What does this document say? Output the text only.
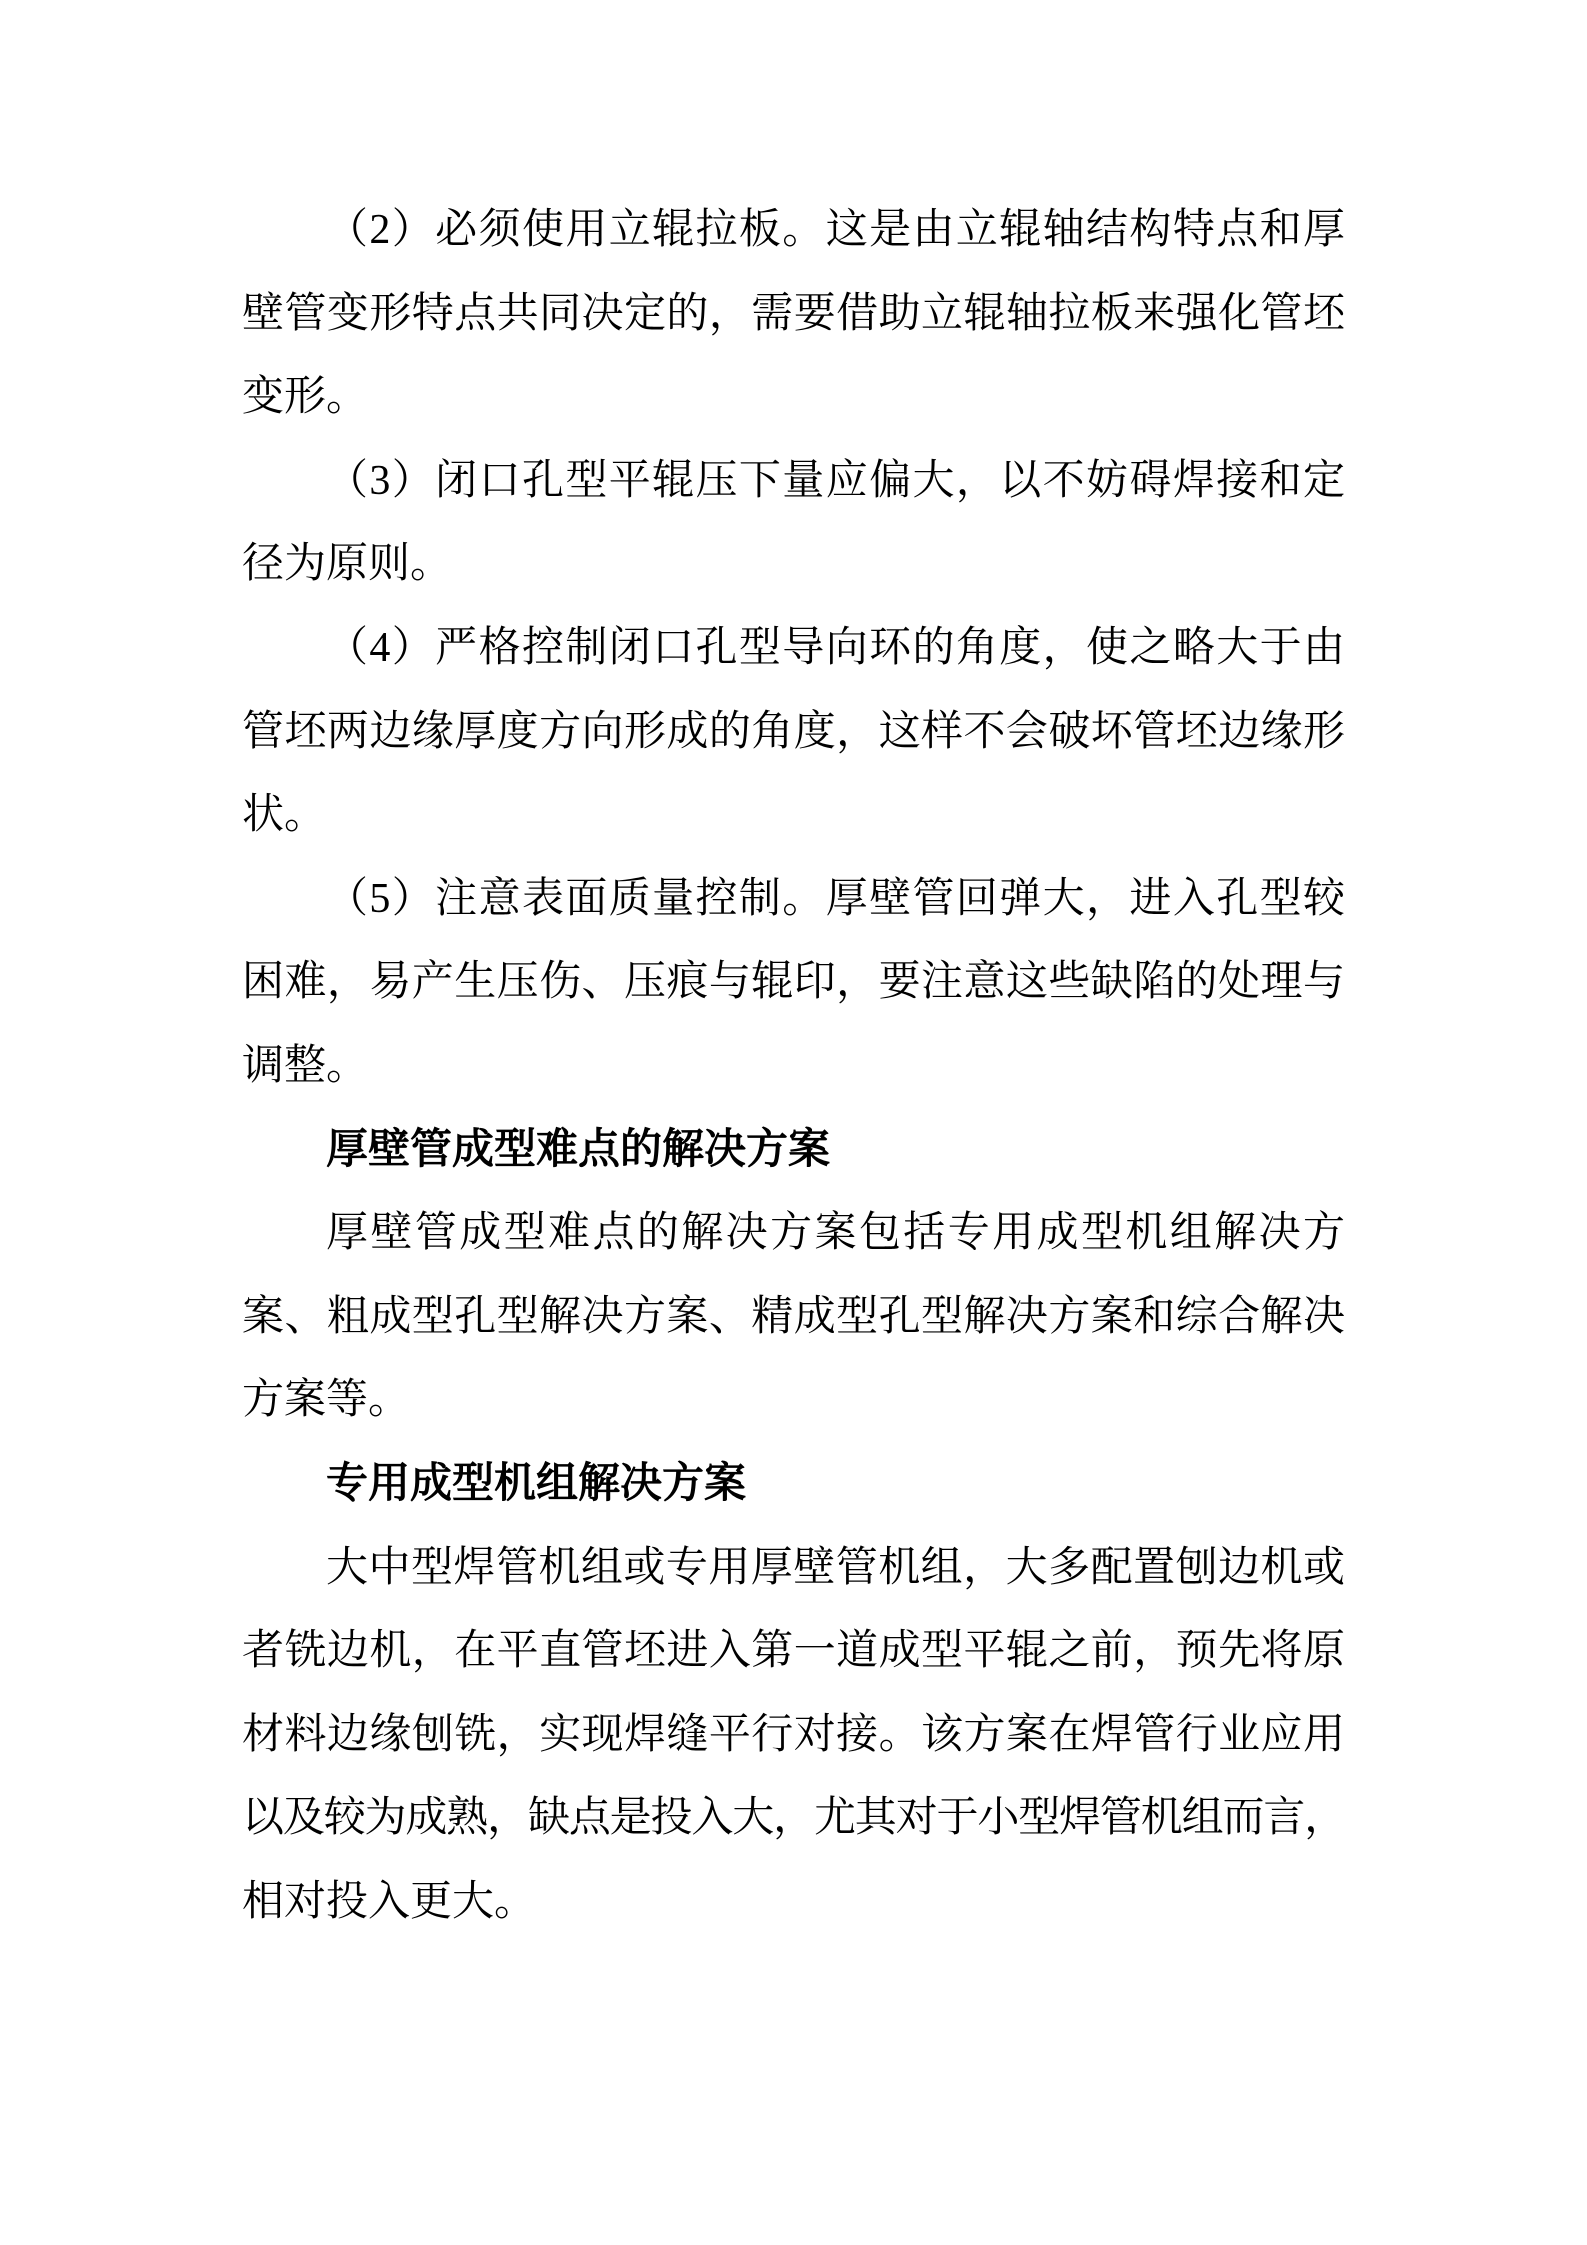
（2）必须使用立辊拉板。这是由立辊轴结构特点和厚
壁管变形特点共同决定的，需要借助立辊轴拉板来强化管坯
变形。
（3）闭口孔型平辊压下量应偏大，以不妨碍焊接和定
径为原则。
（4）严格控制闭口孔型导向环的角度，使之略大于由
管坯两边缘厚度方向形成的角度，这样不会破坏管坯边缘形
状。
（5）注意表面质量控制。厚壁管回弹大，进入孔型较
困难，易产生压伤、压痕与辊印，要注意这些缺陷的处理与
调整。
厚壁管成型难点的解决方案
厚壁管成型难点的解决方案包括专用成型机组解决方
案、粗成型孔型解决方案、精成型孔型解决方案和综合解决
方案等。
专用成型机组解决方案
大中型焊管机组或专用厚壁管机组，大多配置刨边机或
者铣边机，在平直管坯进入第一道成型平辊之前，预先将原
材料边缘刨铣，实现焊缝平行对接。该方案在焊管行业应用
以及较为成熟，缺点是投入大，尤其对于小型焊管机组而言，
相对投入更大。
